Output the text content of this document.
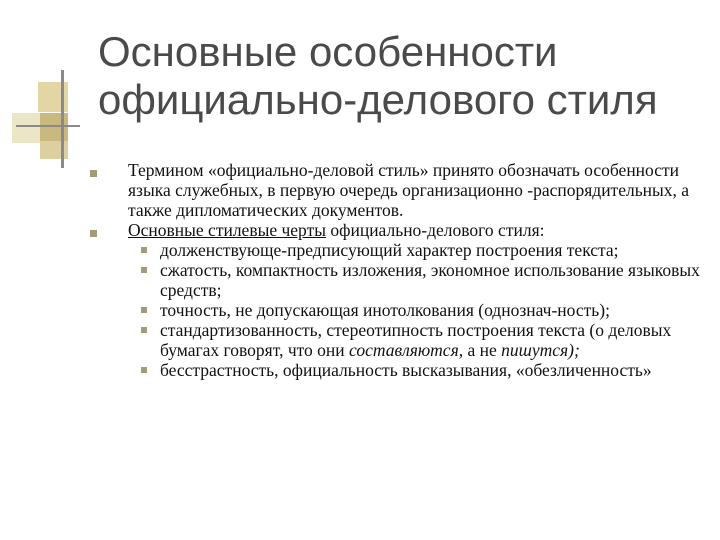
Основные особенности
официально-делового стиля
Термином «официально-деловой стиль» принято обозначать особенности языка служебных, в первую очередь организационно -распорядительных, а также дипломатических документов.
Основные стилевые черты официально-делового стиля:
долженствующе-предписующий характер построения текста;
сжатость, компактность изложения, экономное использование языковых средств;
точность, не допускающая инотолкования (однознач-ность);
стандартизованность, стереотипность построения текста (о деловых бумагах говорят, что они составляются, а не пишутся);
бесстрастность, официальность высказывания, «обезличенность»
